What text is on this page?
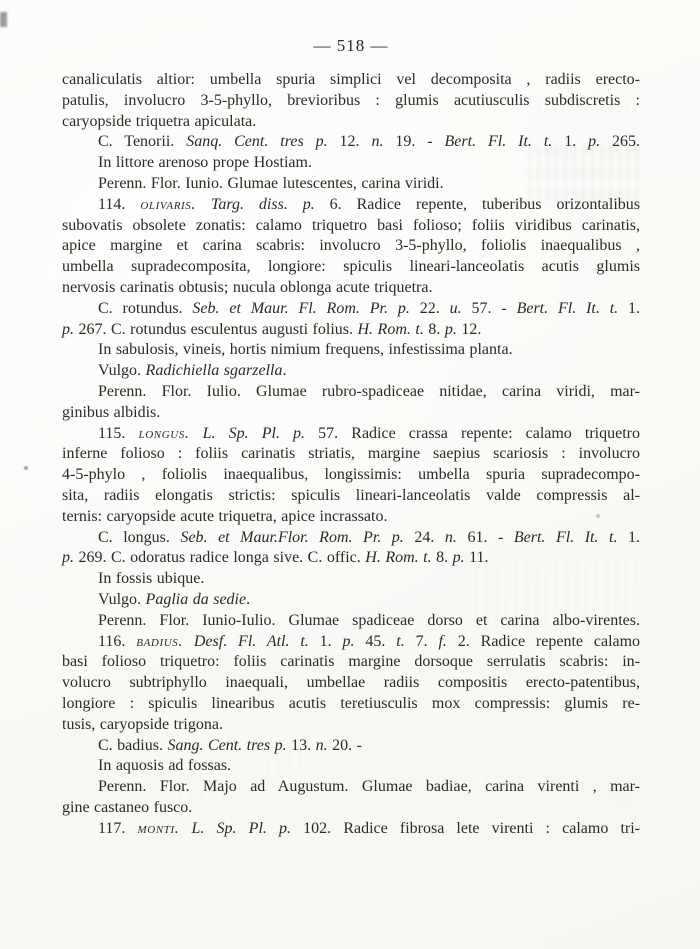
— 518 —
canaliculatis altior: umbella spuria simplici vel decomposita , radiis erecto-
patulis, involucro 3-5-phyllo, brevioribus : glumis acutiusculis subdiscretis :
caryopside triquetra apiculata.
C. Tenorii. Sanq. Cent. tres p. 12. n. 19. - Bert. Fl. It. t. 1. p. 265.
In littore arenoso prope Hostiam.
Perenn. Flor. Iunio. Glumae lutescentes, carina viridi.
114. olivaris. Targ. diss. p. 6. Radice repente, tuberibus orizontalibus
subovatis obsolete zonatis: calamo triquetro basi folioso; foliis viridibus carinatis,
apice margine et carina scabris: involucro 3-5-phyllo, foliolis inaequalibus ,
umbella supradecomposita, longiore: spiculis lineari-lanceolatis acutis glumis
nervosis carinatis obtusis; nucula oblonga acute triquetra.
C. rotundus. Seb. et Maur. Fl. Rom. Pr. p. 22. u. 57. - Bert. Fl. It. t. 1.
p. 267. C. rotundus esculentus augusti folius. H. Rom. t. 8. p. 12.
In sabulosis, vineis, hortis nimium frequens, infestissima planta.
Vulgo. Radichiella sgarzella.
Perenn. Flor. Iulio. Glumae rubro-spadiceae nitidae, carina viridi, mar-
ginibus albidis.
115. longus. L. Sp. Pl. p. 57. Radice crassa repente: calamo triquetro
inferne folioso : foliis carinatis striatis, margine saepius scariosis : involucro
4-5-phylo , foliolis inaequalibus, longissimis: umbella spuria supradecompo-
sita, radiis elongatis strictis: spiculis lineari-lanceolatis valde compressis al-
ternis: caryopside acute triquetra, apice incrassato.
C. longus. Seb. et Maur.Flor. Rom. Pr. p. 24. n. 61. - Bert. Fl. It. t. 1.
p. 269. C. odoratus radice longa sive. C. offic. H. Rom. t. 8. p. 11.
In fossis ubique.
Vulgo. Paglia da sedie.
Perenn. Flor. Iunio-Iulio. Glumae spadiceae dorso et carina albo-virentes.
116. badius. Desf. Fl. Atl. t. 1. p. 45. t. 7. f. 2. Radice repente calamo
basi folioso triquetro: foliis carinatis margine dorsoque serrulatis scabris: in-
volucro subtriphyllo inaequali, umbellae radiis compositis erecto-patentibus,
longiore : spiculis linearibus acutis teretiusculis mox compressis: glumis re-
tusis, caryopside trigona.
C. badius. Sang. Cent. tres p. 13. n. 20. -
In aquosis ad fossas.
Perenn. Flor. Majo ad Augustum. Glumae badiae, carina virenti , mar-
gine castaneo fusco.
117. monti. L. Sp. Pl. p. 102. Radice fibrosa lete virenti : calamo tri-
